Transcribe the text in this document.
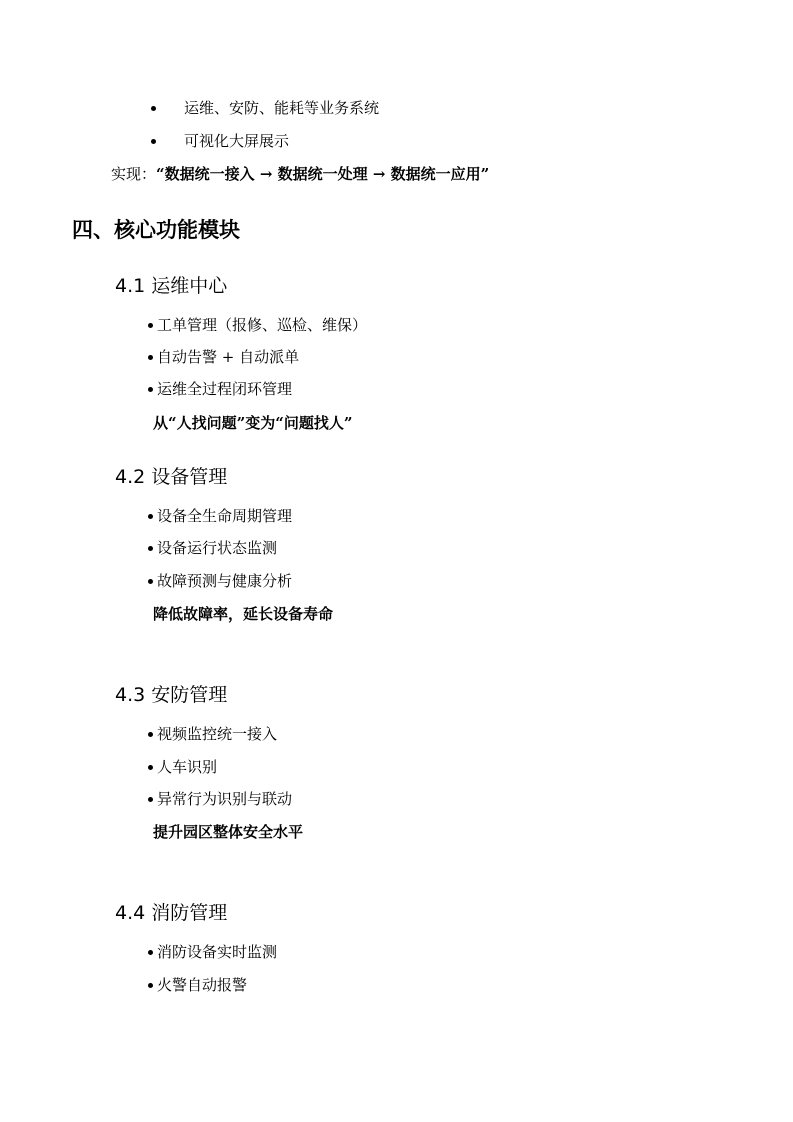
运维、安防、能耗等业务系统
可视化大屏展示
实现：“数据统一接入 → 数据统一处理 → 数据统一应用”
四、核心功能模块
4.1 运维中心
工单管理（报修、巡检、维保）
自动告警 + 自动派单
运维全过程闭环管理
从“人找问题”变为“问题找人”
4.2 设备管理
设备全生命周期管理
设备运行状态监测
故障预测与健康分析
降低故障率，延长设备寿命
4.3 安防管理
视频监控统一接入
人车识别
异常行为识别与联动
提升园区整体安全水平
4.4 消防管理
消防设备实时监测
火警自动报警
